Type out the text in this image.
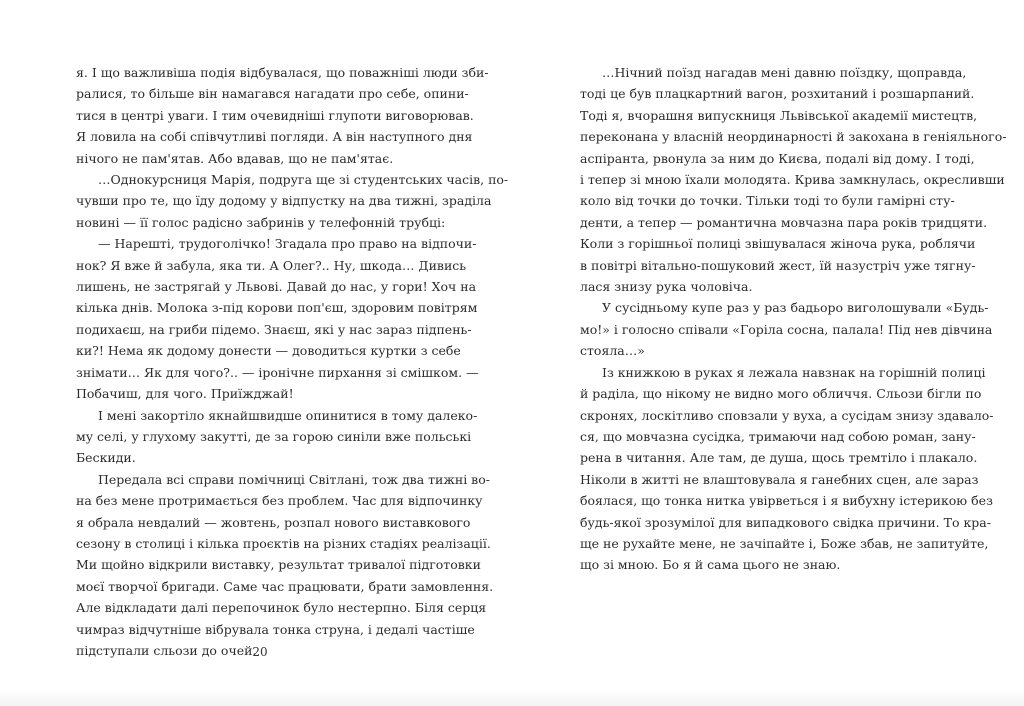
я. І що важливіша подія відбувалася, що поважніші люди зби-
ралися, то більше він намагався нагадати про себе, опини-
тися в центрі уваги. І тим очевидніші глупоти виговорював.
Я ловила на собі співчутливі погляди. А він наступного дня
нічого не пам'ятав. Або вдавав, що не пам'ятає.

…Однокурсниця Марія, подруга ще зі студентських часів, по-
чувши про те, що їду додому у відпустку на два тижні, зраділа
новині — її голос радісно забринів у телефонній трубці:

— Нарешті, трудоголічко! Згадала про право на відпочи-
нок? Я вже й забула, яка ти. А Олег?.. Ну, шкода… Дивись
лишень, не застрягай у Львові. Давай до нас, у гори! Хоч на
кілька днів. Молока з-під корови поп'єш, здоровим повітрям
подихаєш, на гриби підемо. Знаєш, які у нас зараз підпень-
ки?! Нема як додому донести — доводиться куртки з себе
знімати… Як для чого?.. — іронічне пирхання зі смішком. —
Побачиш, для чого. Приїжджай!

І мені закортіло якнайшвидше опинитися в тому далеко-
му селі, у глухому закутті, де за горою синіли вже польські
Бескиди.

Передала всі справи помічниці Світлані, тож два тижні во-
на без мене протримається без проблем. Час для відпочинку
я обрала невдалий — жовтень, розпал нового виставкового
сезону в столиці і кілька проєктів на різних стадіях реалізації.
Ми щойно відкрили виставку, результат тривалої підготовки
моєї творчої бригади. Саме час працювати, брати замовлення.
Але відкладати далі перепочинок було нестерпно. Біля серця
чимраз відчутніше вібрувала тонка струна, і дедалі частіше
підступали сльози до очей.

20

…Нічний поїзд нагадав мені давню поїздку, щоправда,
тоді це був плацкартний вагон, розхитаний і розшарпаний.
Тоді я, вчорашня випускниця Львівської академії мистецтв,
переконана у власній неординарності й закохана в геніяльного-
аспіранта, рвонула за ним до Києва, подалі від дому. І тоді,
і тепер зі мною їхали молодята. Крива замкнулась, окресливши
коло від точки до точки. Тільки тоді то були гамірні сту-
денти, а тепер — романтична мовчазна пара років тридцяти.
Коли з горішньої полиці звішувалася жіноча рука, роблячи
в повітрі вітально-пошуковий жест, їй назустріч уже тягну-
лася знизу рука чоловіча.

У сусідньому купе раз у раз бадьоро виголошували «Будь-
мо!» і голосно співали «Горіла сосна, палала! Під нев дівчина
стояла…»

Із книжкою в руках я лежала навзнак на горішній полиці
й раділа, що нікому не видно мого обличчя. Сльози бігли по
скронях, лоскітливо сповзали у вуха, а сусідам знизу здавало-
ся, що мовчазна сусідка, тримаючи над собою роман, зану-
рена в читання. Але там, де душа, щось тремтіло і плакало.
Ніколи в житті не влаштовувала я ганебних сцен, але зараз
боялася, що тонка нитка увірветься і я вибухну істерикою без
будь-якої зрозумілої для випадкового свідка причини. То кра-
ще не рухайте мене, не зачіпайте і, Боже збав, не запитуйте,
що зі мною. Бо я й сама цього не знаю.
